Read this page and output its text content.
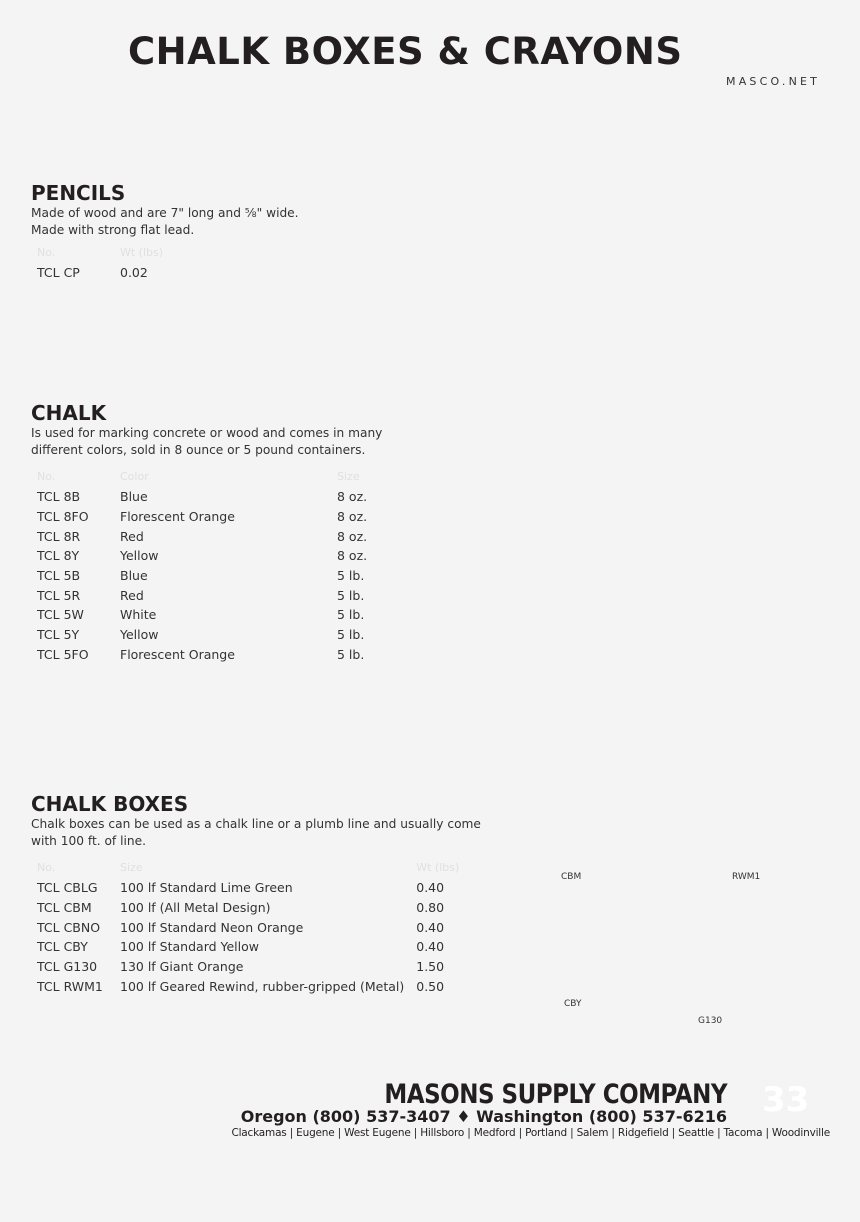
CHALK BOXES & CRAYONS
MASCO.NET
PENCILS

Made of wood and are 7" long and ⅝" wide.
Made with strong flat lead.

No.	Wt (lbs)
TCL CP	0.02
CHALK

Is used for marking concrete or wood and comes in many
different colors, sold in 8 ounce or 5 pound containers.

No.	Color	Size
TCL 8B	Blue	8 oz.
TCL 8FO	Florescent Orange	8 oz.
TCL 8R	Red	8 oz.
TCL 8Y	Yellow	8 oz.
TCL 5B	Blue	5 lb.
TCL 5R	Red	5 lb.
TCL 5W	White	5 lb.
TCL 5Y	Yellow	5 lb.
TCL 5FO	Florescent Orange	5 lb.
CHALK BOXES

Chalk boxes can be used as a chalk line or a plumb line and usually come
with 100 ft. of line.

No.	Size	Wt (lbs)
TCL CBLG	100 lf Standard Lime Green	0.40
TCL CBM	100 lf (All Metal Design)	0.80
TCL CBNO	100 lf Standard Neon Orange	0.40
TCL CBY	100 lf Standard Yellow	0.40
TCL G130	130 lf Giant Orange	1.50
TCL RWM1	100 lf Geared Rewind, rubber-gripped (Metal)	0.50
CBM	RWM1
CBY
G130
MASONS SUPPLY COMPANY 33
Oregon (800) 537-3407 ♦ Washington (800) 537-6216
Clackamas | Eugene | West Eugene | Hillsboro | Medford | Portland | Salem | Ridgefield | Seattle | Tacoma | Woodinville
